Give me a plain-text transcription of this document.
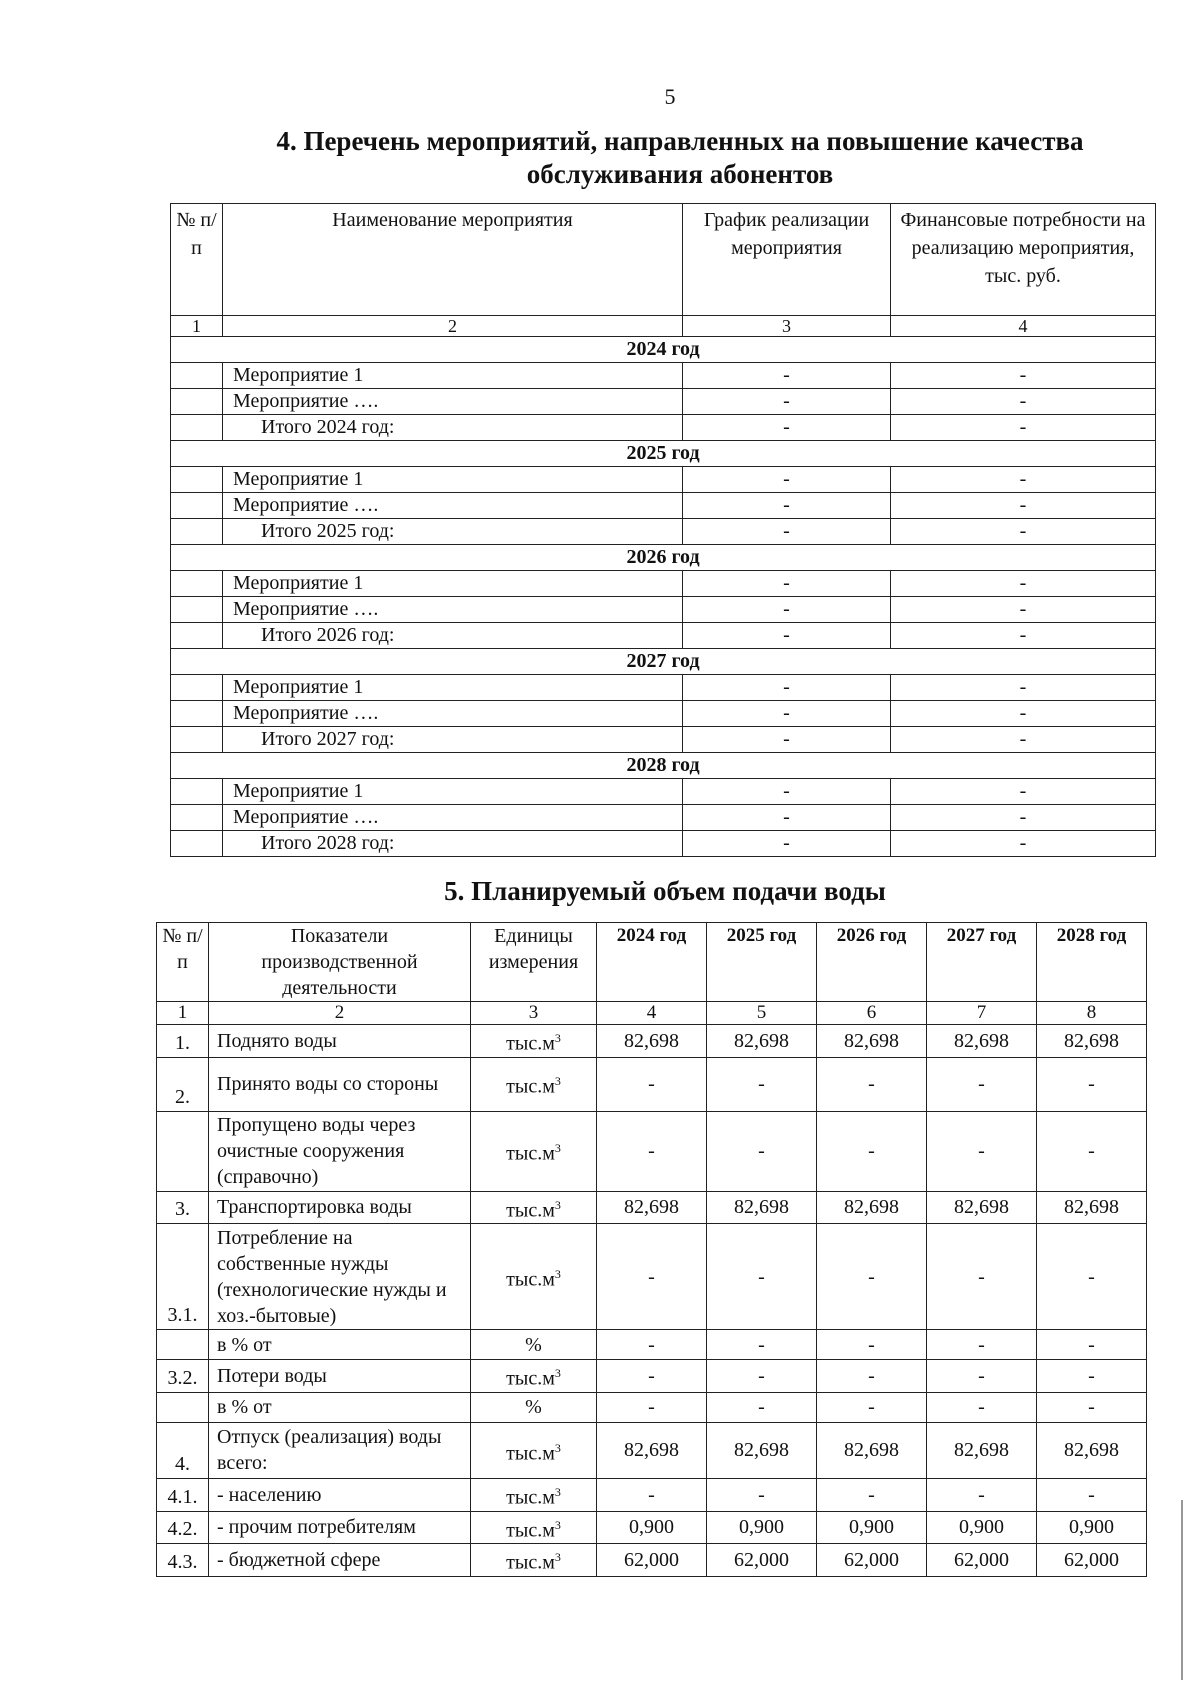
5
4. Перечень мероприятий, направленных на повышение качества обслуживания абонентов
№ п/п	Наименование мероприятия	График реализации мероприятия	Финансовые потребности на реализацию мероприятия, тыс. руб.
1	2	3	4
2024 год			
	Мероприятие 1	-	-
	Мероприятие ….	-	-
	Итого 2024 год:	-	-
2025 год			
	Мероприятие 1	-	-
	Мероприятие ….	-	-
	Итого 2025 год:	-	-
2026 год			
	Мероприятие 1	-	-
	Мероприятие ….	-	-
	Итого 2026 год:	-	-
2027 год			
	Мероприятие 1	-	-
	Мероприятие ….	-	-
	Итого 2027 год:	-	-
2028 год			
	Мероприятие 1	-	-
	Мероприятие ….	-	-
	Итого 2028 год:	-	-
5. Планируемый объем подачи воды
№ п/п	Показатели производственной деятельности	Единицы измерения	2024 год	2025 год	2026 год	2027 год	2028 год
1	2	3	4	5	6	7	8
1.	Поднято воды	$тыс.м^3$	82,698	82,698	82,698	82,698	82,698
2.	Принято воды со стороны	$тыс.м^3$	-	-	-	-	-
	Пропущено воды через очистные сооружения (справочно)	$тыс.м^3$	-	-	-	-	-
3.	Транспортировка воды	$тыс.м^3$	82,698	82,698	82,698	82,698	82,698
3.1.	Потребление на собственные нужды (технологические нужды и хоз.-бытовые)	$тыс.м^3$	-	-	-	-	-
	в % от	%	-	-	-	-	-
3.2.	Потери воды	$тыс.м^3$	-	-	-	-	-
	в % от	%	-	-	-	-	-
4.	Отпуск (реализация) воды всего:	$тыс.м^3$	82,698	82,698	82,698	82,698	82,698
4.1.	- населению	$тыс.м^3$	-	-	-	-	-
4.2.	- прочим потребителям	$тыс.м^3$	0,900	0,900	0,900	0,900	0,900
4.3.	- бюджетной сфере	$тыс.м^3$	62,000	62,000	62,000	62,000	62,000
